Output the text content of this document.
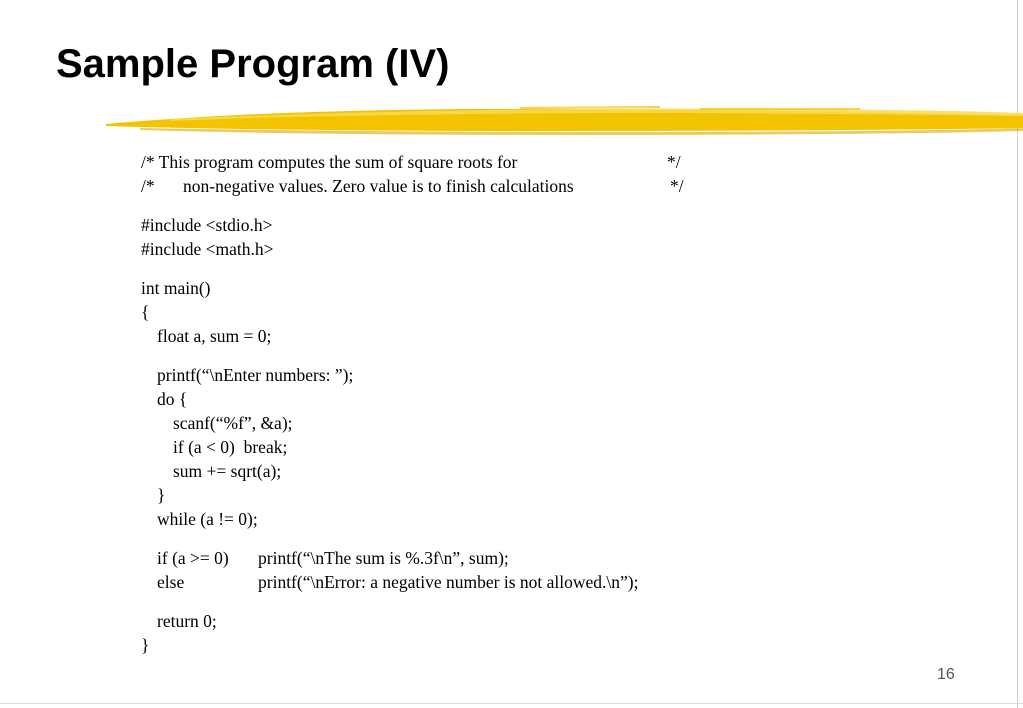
Sample Program (IV)
/* This program computes the sum of square roots for	*/
/* non-negative values. Zero value is to finish calculations	*/
#include <stdio.h>
#include <math.h>
int main()
{
float a, sum = 0;
printf(“\nEnter numbers: ”);
do {
scanf(“%f”, &a);
if (a < 0)  break;
sum += sqrt(a);
}
while (a != 0);
if (a >= 0) printf(“\nThe sum is %.3f\n”, sum);
else	printf(“\nError: a negative number is not allowed.\n”);
return 0;
}
16
